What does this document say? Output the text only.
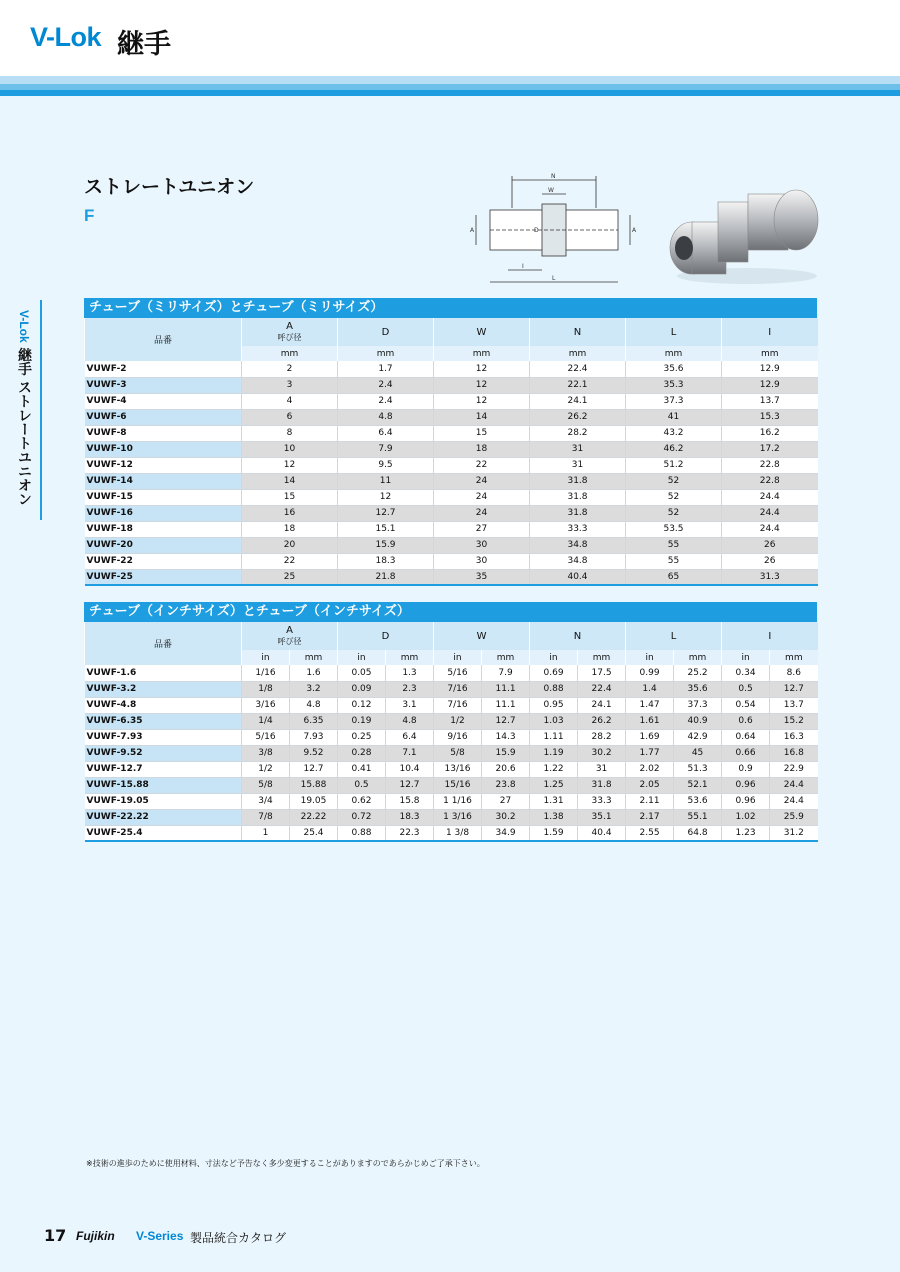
V-Lok 継手
V-Lok 継手 ストレートユニオン
ストレートユニオン
F
N
W
A	D	A
I
L
チューブ（ミリサイズ）とチューブ（ミリサイズ）
品番	A
呼び径	D	W	N	L	I
	mm	mm	mm	mm	mm	mm
VUWF-2	2	1.7	12	22.4	35.6	12.9
VUWF-3	3	2.4	12	22.1	35.3	12.9
VUWF-4	4	2.4	12	24.1	37.3	13.7
VUWF-6	6	4.8	14	26.2	41	15.3
VUWF-8	8	6.4	15	28.2	43.2	16.2
VUWF-10	10	7.9	18	31	46.2	17.2
VUWF-12	12	9.5	22	31	51.2	22.8
VUWF-14	14	11	24	31.8	52	22.8
VUWF-15	15	12	24	31.8	52	24.4
VUWF-16	16	12.7	24	31.8	52	24.4
VUWF-18	18	15.1	27	33.3	53.5	24.4
VUWF-20	20	15.9	30	34.8	55	26
VUWF-22	22	18.3	30	34.8	55	26
VUWF-25	25	21.8	35	40.4	65	31.3
チューブ（インチサイズ）とチューブ（インチサイズ）
品番	A
呼び径		D		W		N		L		I	
	in	mm	in	mm	in	mm	in	mm	in	mm	in	mm
VUWF-1.6	1/16	1.6	0.05	1.3	5/16	7.9	0.69	17.5	0.99	25.2	0.34	8.6
VUWF-3.2	1/8	3.2	0.09	2.3	7/16	11.1	0.88	22.4	1.4	35.6	0.5	12.7
VUWF-4.8	3/16	4.8	0.12	3.1	7/16	11.1	0.95	24.1	1.47	37.3	0.54	13.7
VUWF-6.35	1/4	6.35	0.19	4.8	1/2	12.7	1.03	26.2	1.61	40.9	0.6	15.2
VUWF-7.93	5/16	7.93	0.25	6.4	9/16	14.3	1.11	28.2	1.69	42.9	0.64	16.3
VUWF-9.52	3/8	9.52	0.28	7.1	5/8	15.9	1.19	30.2	1.77	45	0.66	16.8
VUWF-12.7	1/2	12.7	0.41	10.4	13/16	20.6	1.22	31	2.02	51.3	0.9	22.9
VUWF-15.88	5/8	15.88	0.5	12.7	15/16	23.8	1.25	31.8	2.05	52.1	0.96	24.4
VUWF-19.05	3/4	19.05	0.62	15.8	1 1/16	27	1.31	33.3	2.11	53.6	0.96	24.4
VUWF-22.22	7/8	22.22	0.72	18.3	1 3/16	30.2	1.38	35.1	2.17	55.1	1.02	25.9
VUWF-25.4	1	25.4	0.88	22.3	1 3/8	34.9	1.59	40.4	2.55	64.8	1.23	31.2
※技術の進歩のために使用材料、寸法など予告なく多少変更することがありますのであらかじめご了承下さい。
17 Fujikin V-Series 製品統合カタログ
